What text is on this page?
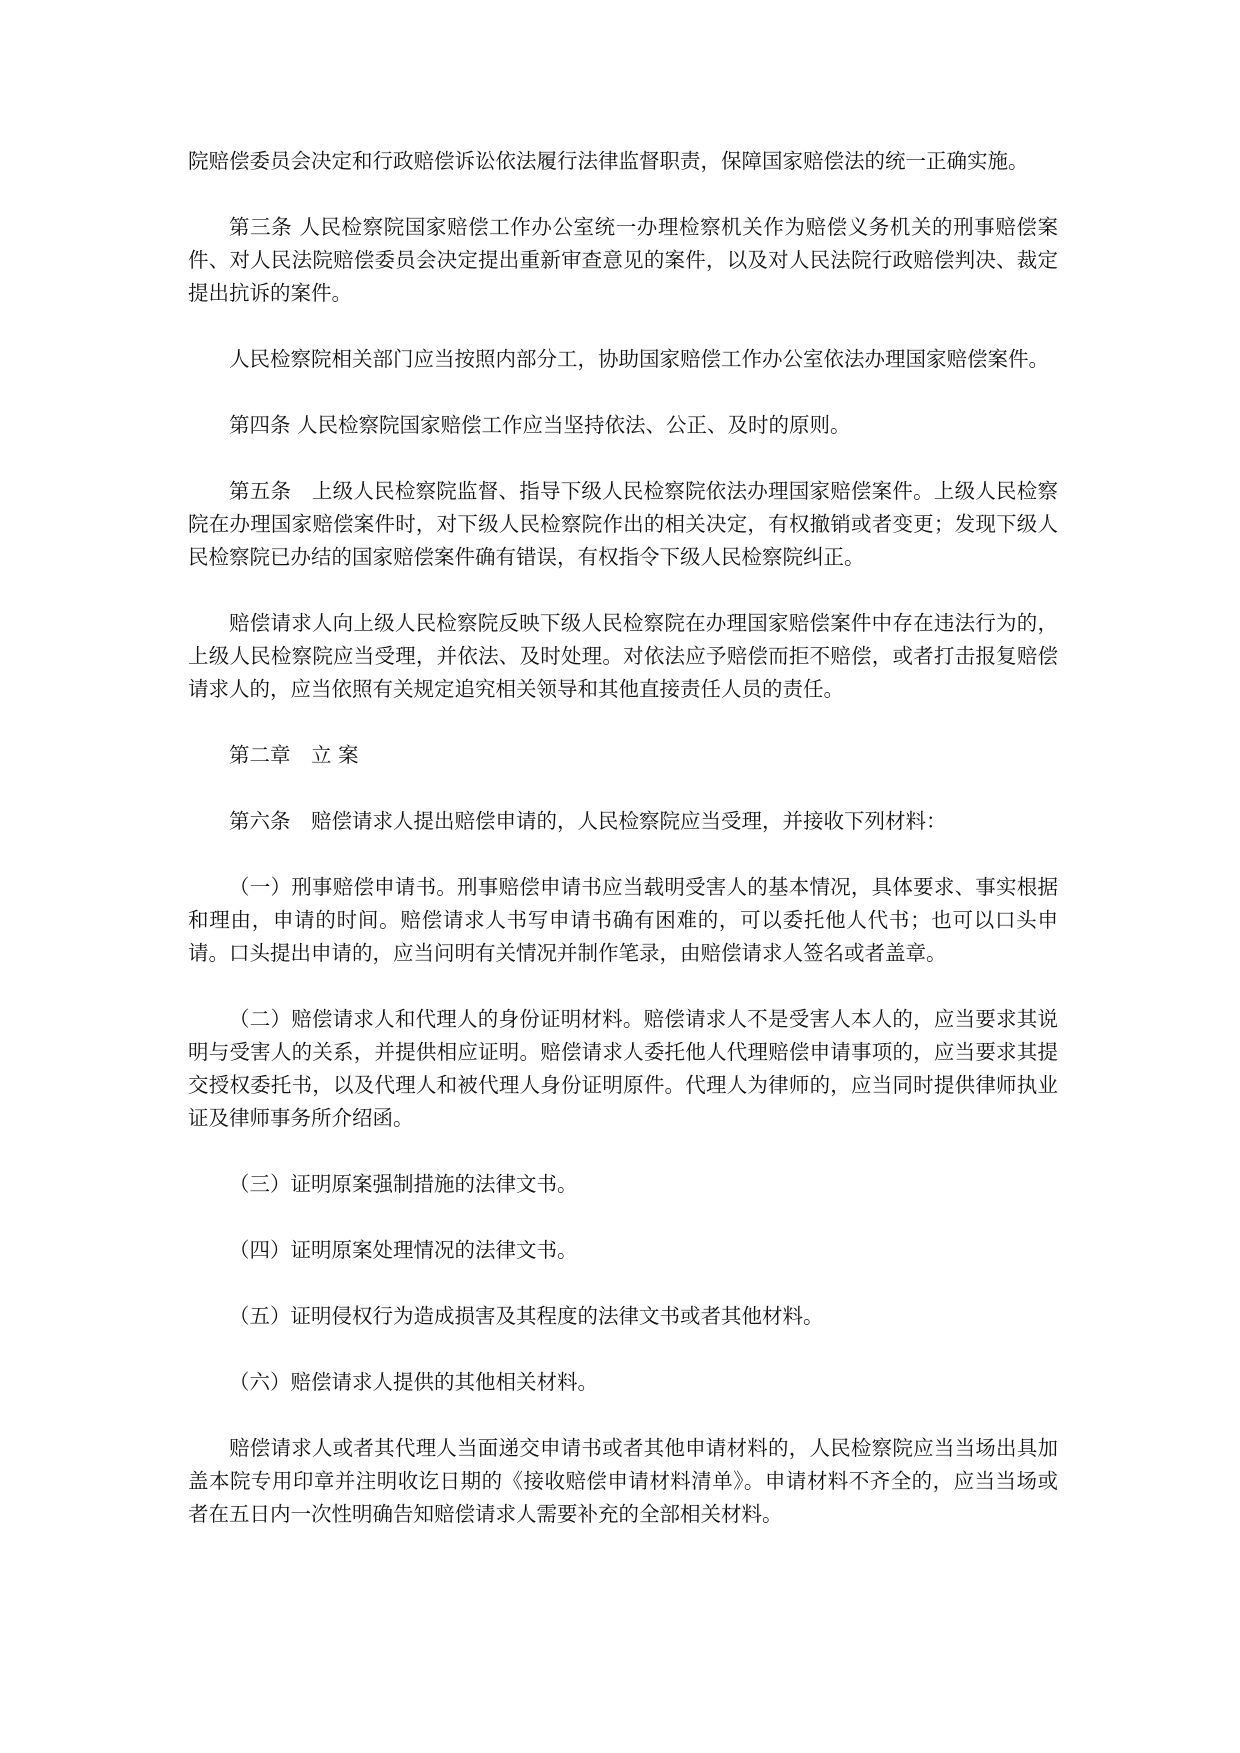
院赔偿委员会决定和行政赔偿诉讼依法履行法律监督职责，保障国家赔偿法的统一正确实施。

第三条 人民检察院国家赔偿工作办公室统一办理检察机关作为赔偿义务机关的刑事赔偿案件、对人民法院赔偿委员会决定提出重新审查意见的案件，以及对人民法院行政赔偿判决、裁定提出抗诉的案件。

人民检察院相关部门应当按照内部分工，协助国家赔偿工作办公室依法办理国家赔偿案件。

第四条 人民检察院国家赔偿工作应当坚持依法、公正、及时的原则。

第五条　上级人民检察院监督、指导下级人民检察院依法办理国家赔偿案件。上级人民检察院在办理国家赔偿案件时，对下级人民检察院作出的相关决定，有权撤销或者变更；发现下级人民检察院已办结的国家赔偿案件确有错误，有权指令下级人民检察院纠正。

赔偿请求人向上级人民检察院反映下级人民检察院在办理国家赔偿案件中存在违法行为的，上级人民检察院应当受理，并依法、及时处理。对依法应予赔偿而拒不赔偿，或者打击报复赔偿请求人的，应当依照有关规定追究相关领导和其他直接责任人员的责任。

第二章　立 案

第六条　赔偿请求人提出赔偿申请的，人民检察院应当受理，并接收下列材料：

（一）刑事赔偿申请书。刑事赔偿申请书应当载明受害人的基本情况，具体要求、事实根据和理由，申请的时间。赔偿请求人书写申请书确有困难的，可以委托他人代书；也可以口头申请。口头提出申请的，应当问明有关情况并制作笔录，由赔偿请求人签名或者盖章。

（二）赔偿请求人和代理人的身份证明材料。赔偿请求人不是受害人本人的，应当要求其说明与受害人的关系，并提供相应证明。赔偿请求人委托他人代理赔偿申请事项的，应当要求其提交授权委托书，以及代理人和被代理人身份证明原件。代理人为律师的，应当同时提供律师执业证及律师事务所介绍函。

（三）证明原案强制措施的法律文书。

（四）证明原案处理情况的法律文书。

（五）证明侵权行为造成损害及其程度的法律文书或者其他材料。

（六）赔偿请求人提供的其他相关材料。

赔偿请求人或者其代理人当面递交申请书或者其他申请材料的，人民检察院应当当场出具加盖本院专用印章并注明收讫日期的《接收赔偿申请材料清单》。申请材料不齐全的，应当当场或者在五日内一次性明确告知赔偿请求人需要补充的全部相关材料。
